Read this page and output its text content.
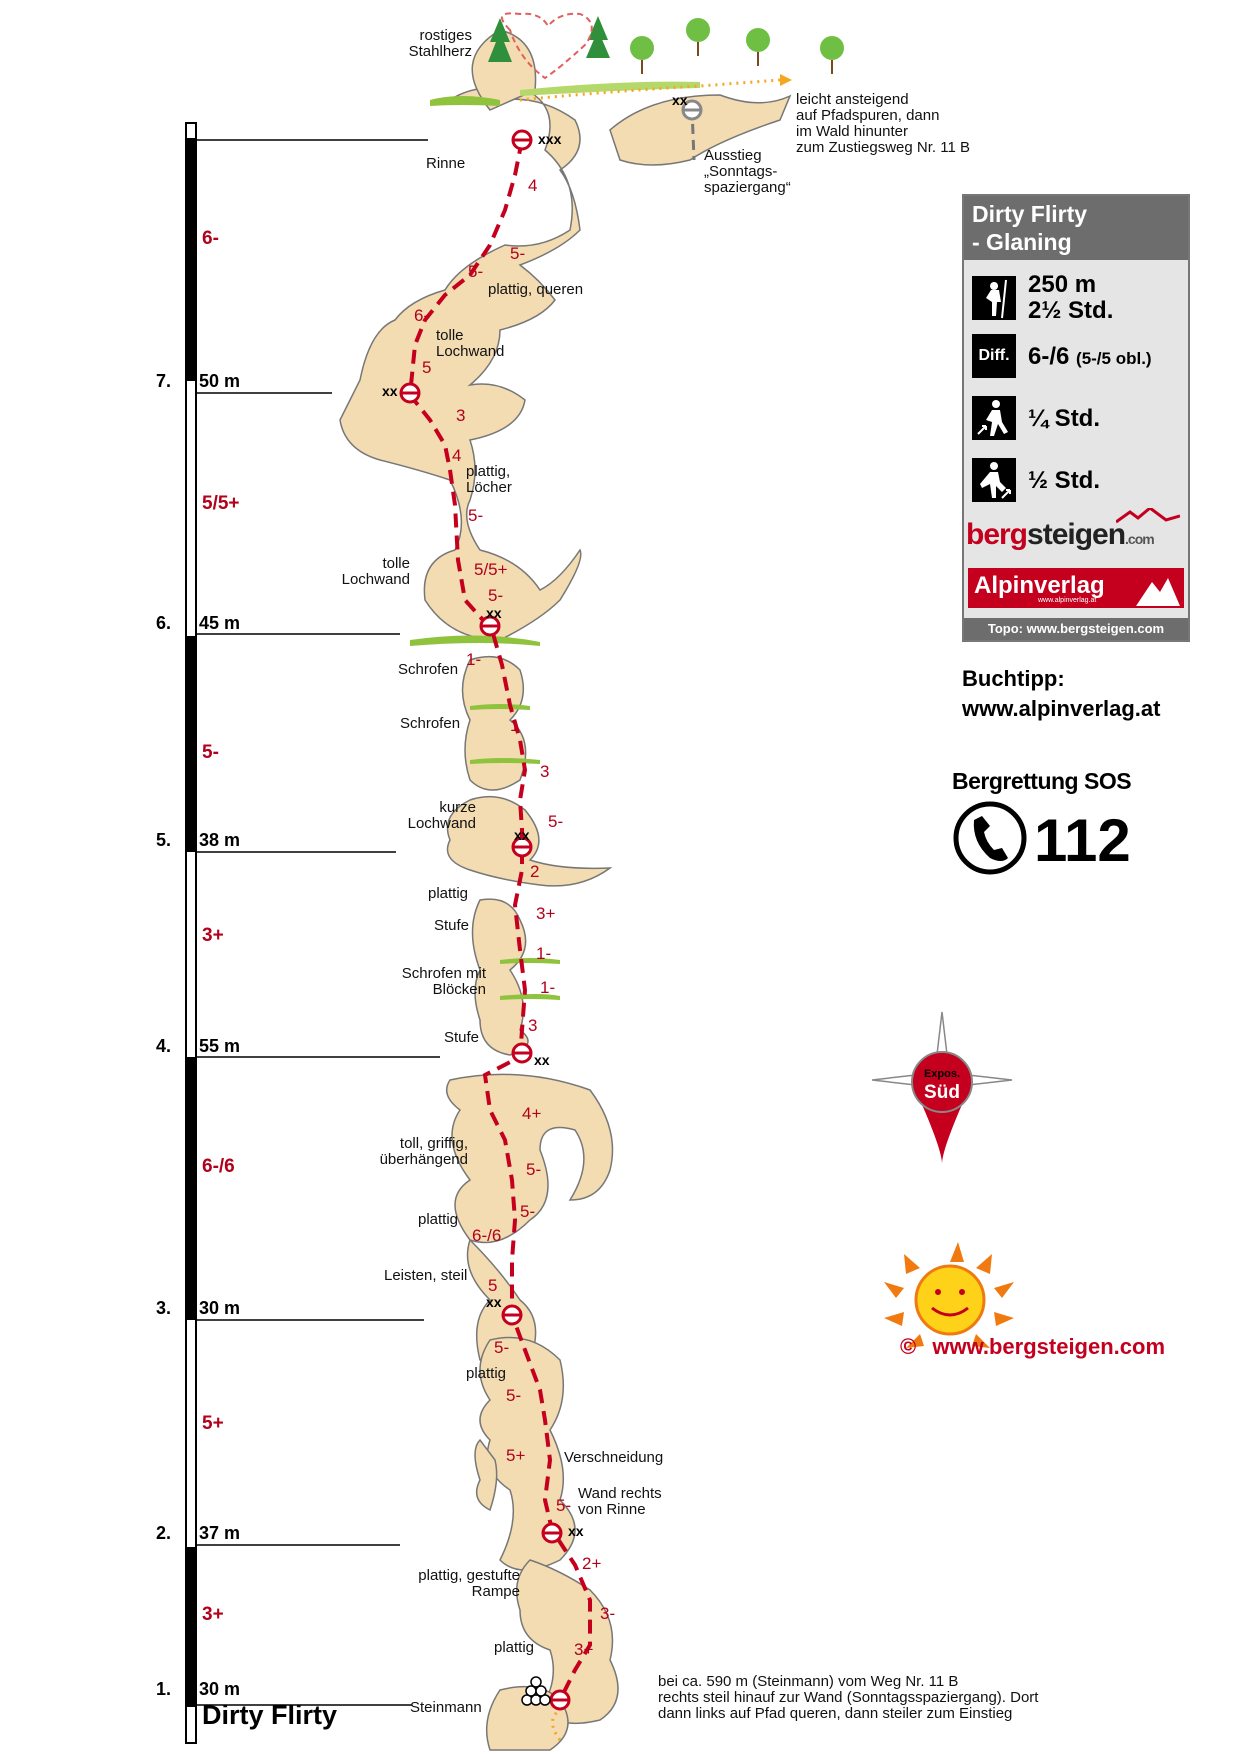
1. 30 m
3+
2. 37 m
5+
3. 30 m
6-/6
4. 55 m
3+
5. 38 m
5-
6. 45 m
5/5+
7. 50 m
6-
Dirty Flirty
xxx
xx
xx
xx
xx
xx
xx
xx
4
5-
5-
6-
5
3
4
5-
5/5+
5-
1-
1
3
5-
2
3+
1-
1-
3
4+
5-
5-
6-/6
5
5-
5-
5+
5-
2+
3-
3+
rostiges
Stahlherz
leicht ansteigend
auf Pfadspuren, dann
im Wald hinunter
zum Zustiegsweg Nr. 11 B
Ausstieg
„Sonntags-
spaziergang“
Rinne
plattig, queren
tolle
Lochwand
plattig,
Löcher
tolle
Lochwand
Schrofen
Schrofen
kurze
Lochwand
plattig
Stufe
Schrofen mit
Blöcken
Stufe
toll, griffig,
überhängend
plattig
Leisten, steil
plattig
Verschneidung
Wand rechts
von Rinne
plattig, gestufte
Rampe
plattig
Steinmann
bei ca. 590 m (Steinmann) vom Weg Nr. 11 B
rechts steil hinauf zur Wand (Sonntagsspaziergang). Dort
dann links auf Pfad queren, dann steiler zum Einstieg
Dirty Flirty
- Glaning
250 m
2½ Std.
Diff. 6-/6 (5-/5 obl.)
¼ Std.
½ Std.
bergsteigen.com
Alpinverlag
www.alpinverlag.at
Topo: www.bergsteigen.com
Buchtipp:
www.alpinverlag.at
Bergrettung SOS
112
Expos.
Süd
© www.bergsteigen.com
